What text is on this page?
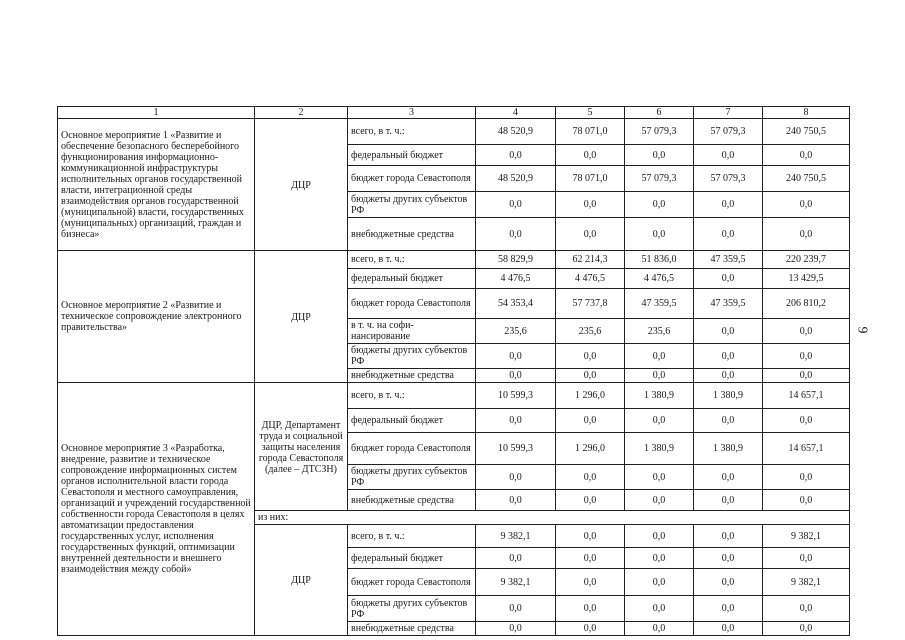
9
1	2	3	4	5	6	7	8
Основное мероприятие 1 «Развитие и обеспечение безопасного бесперебойного функционирования информационно-коммуникационной инфраструктуры исполнительных органов государственной власти, интеграционной среды взаимодействия органов государственной (муниципальной) власти, государственных (муниципальных) организаций, граждан и бизнеса»	ДЦР	всего, в т. ч.:	48 520,9	78 071,0	57 079,3	57 079,3	240 750,5
		федеральный бюджет	0,0	0,0	0,0	0,0	0,0
		бюджет города Севастополя	48 520,9	78 071,0	57 079,3	57 079,3	240 750,5
		бюджеты других субъектов РФ	0,0	0,0	0,0	0,0	0,0
		внебюджетные средства	0,0	0,0	0,0	0,0	0,0
Основное мероприятие 2 «Развитие и техническое сопровождение электронного правительства»	ДЦР	всего, в т. ч.:	58 829,9	62 214,3	51 836,0	47 359,5	220 239,7
		федеральный бюджет	4 476,5	4 476,5	4 476,5	0,0	13 429,5
		бюджет города Севастополя	54 353,4	57 737,8	47 359,5	47 359,5	206 810,2
		в т. ч. на софи-нансирование	235,6	235,6	235,6	0,0	0,0
		бюджеты других субъектов РФ	0,0	0,0	0,0	0,0	0,0
		внебюджетные средства	0,0	0,0	0,0	0,0	0,0
Основное мероприятие 3 «Разработка, внедрение, развитие и техническое сопровождение информационных систем органов исполнительной власти города Севастополя и местного самоуправления, организаций и учреждений государственной собственности города Севастополя в целях автоматизации предоставления государственных услуг, исполнения государственных функций, оптимизации внутренней деятельности и внешнего взаимодействия между собой»	ДЦР, Департамент труда и социальной защиты населения города Севастополя (далее – ДТСЗН)	всего, в т. ч.:	10 599,3	1 296,0	1 380,9	1 380,9	14 657,1
		федеральный бюджет	0,0	0,0	0,0	0,0	0,0
		бюджет города Севастополя	10 599,3	1 296,0	1 380,9	1 380,9	14 657,1
		бюджеты других субъектов РФ	0,0	0,0	0,0	0,0	0,0
		внебюджетные средства	0,0	0,0	0,0	0,0	0,0
	из них:						
	ДЦР	всего, в т. ч.:	9 382,1	0,0	0,0	0,0	9 382,1
		федеральный бюджет	0,0	0,0	0,0	0,0	0,0
		бюджет города Севастополя	9 382,1	0,0	0,0	0,0	9 382,1
		бюджеты других субъектов РФ	0,0	0,0	0,0	0,0	0,0
		внебюджетные средства	0,0	0,0	0,0	0,0	0,0
